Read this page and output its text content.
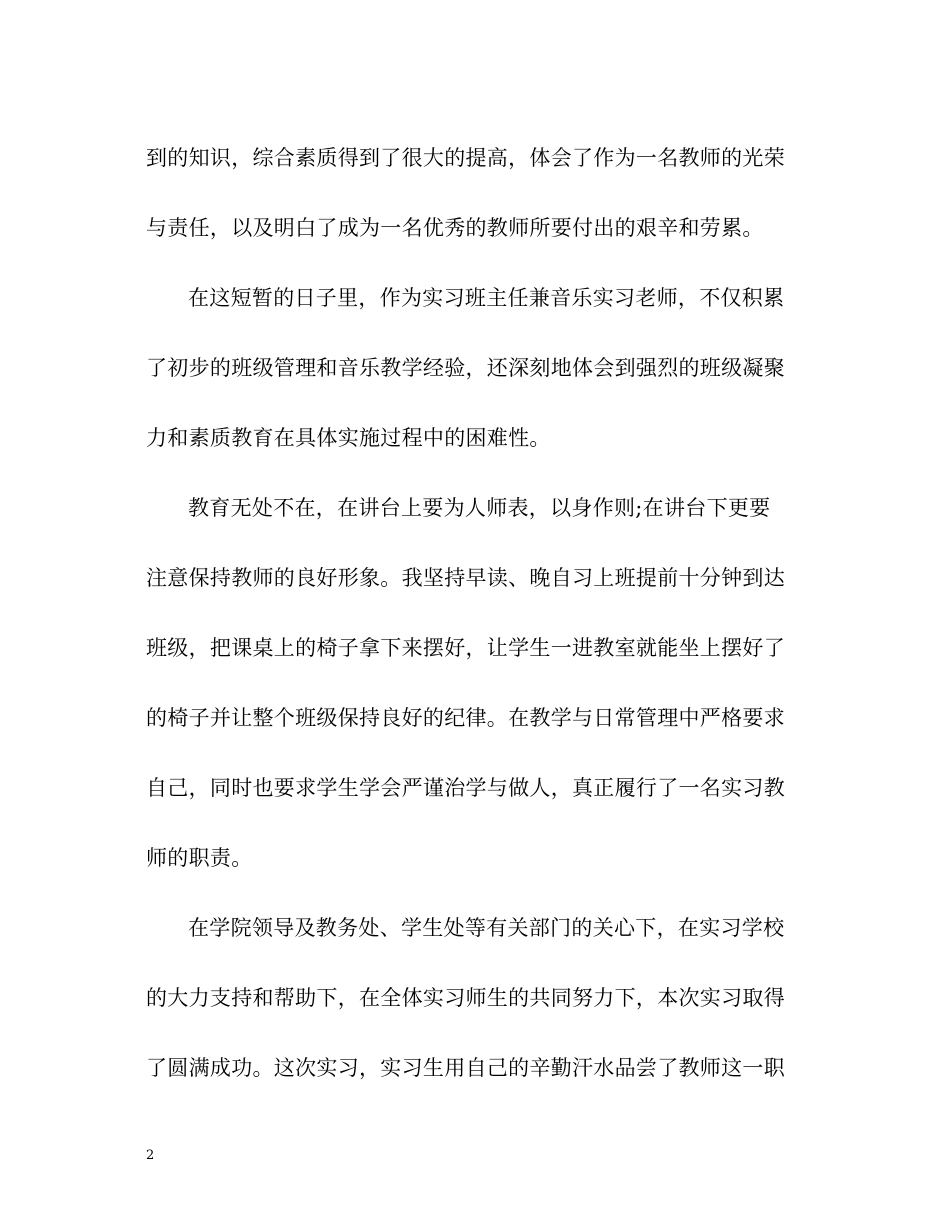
到的知识，综合素质得到了很大的提高，体会了作为一名教师的光荣
与责任，以及明白了成为一名优秀的教师所要付出的艰辛和劳累。
在这短暂的日子里，作为实习班主任兼音乐实习老师，不仅积累
了初步的班级管理和音乐教学经验，还深刻地体会到强烈的班级凝聚
力和素质教育在具体实施过程中的困难性。
教育无处不在，在讲台上要为人师表，以身作则;在讲台下更要
注意保持教师的良好形象。我坚持早读、晚自习上班提前十分钟到达
班级，把课桌上的椅子拿下来摆好，让学生一进教室就能坐上摆好了
的椅子并让整个班级保持良好的纪律。在教学与日常管理中严格要求
自己，同时也要求学生学会严谨治学与做人，真正履行了一名实习教
师的职责。
在学院领导及教务处、学生处等有关部门的关心下，在实习学校
的大力支持和帮助下，在全体实习师生的共同努力下，本次实习取得
了圆满成功。这次实习，实习生用自己的辛勤汗水品尝了教师这一职
2
